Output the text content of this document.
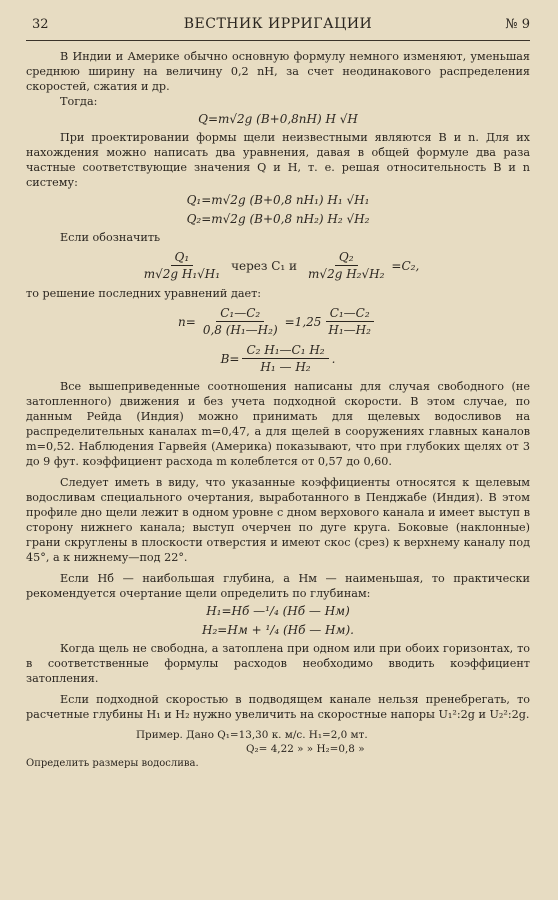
32	ВЕСТНИК ИРРИГАЦИИ	№ 9

В Индии и Америке обычно основную формулу немного изменяют, уменьшая среднюю ширину на величину 0,2 nH, за счет неодинакового распределения скоростей, сжатия и др.

Тогда:

Q=m√2g (B+0,8nH) H √H

При проектировании формы щели неизвестными являются B и n. Для их нахождения можно написать два уравнения, давая в общей формуле два раза частные соответствующие значения Q и H, т. е. решая относительность B и n систему:

Q₁=m√2g (B+0,8 nH₁) H₁ √H₁
Q₂=m√2g (B+0,8 nH₂) H₂ √H₂

Если обозначить

$\frac{\text{Q₁}}{\text{m√2g H₁√H₁}}$ через C₁ и $\frac{\text{Q₂}}{\text{m√2g H₂√H₂}} =C_2$,

то решение последних уравнений дает:

$n= \frac{\text{C₁—C₂}}{\text{0,8 (H₁—H₂)}} =1,25 \frac{\text{C₁—C₂}}{\text{H₁—H₂}}$
$B= \frac{\text{C₂ H₁—C₁ H₂}}{\text{H₁ — H₂}}$ .

Все вышеприведенные соотношения написаны для случая свободного (не затопленного) движения и без учета подходной скорости. В этом случае, по данным Рейда (Индия) можно принимать для щелевых водосливов на распределительных каналах m=0,47, а для щелей в сооружениях главных каналов m=0,52. Наблюдения Гарвейя (Америка) показывают, что при глубоких щелях от 3 до 9 фут. коэффициент расхода m колеблется от 0,57 до 0,60.

Следует иметь в виду, что указанные коэффициенты относятся к щелевым водосливам специального очертания, выработанного в Пенджабе (Индия). В этом профиле дно щели лежит в одном уровне с дном верхового канала и имеет выступ в сторону нижнего канала; выступ очерчен по дуге круга. Боковые (наклонные) грани скруглены в плоскости отверстия и имеют скос (срез) к верхнему каналу под 45°, а к нижнему—под 22°.

Если Нб — наибольшая глубина, а Нм — наименьшая, то практически рекомендуется очертание щели определить по глубинам:

H₁=Нб —¹/₄ (Нб — Нм)
H₂=Нм + ¹/₄ (Нб — Нм).

Когда щель не свободна, а затоплена при одном или при обоих горизонтах, то в соответственные формулы расходов необходимо вводить коэффициент затопления.

Если подходной скоростью в подводящем канале нельзя пренебрегать, то расчетные глубины H₁ и H₂ нужно увеличить на скоростные напоры U₁²:2g и U₂²:2g.

Пример. Дано Q₁=13,30 к. м/с. H₁=2,0 мт.
Q₂= 4,22 » » H₂=0,8 »
Определить размеры водослива.
